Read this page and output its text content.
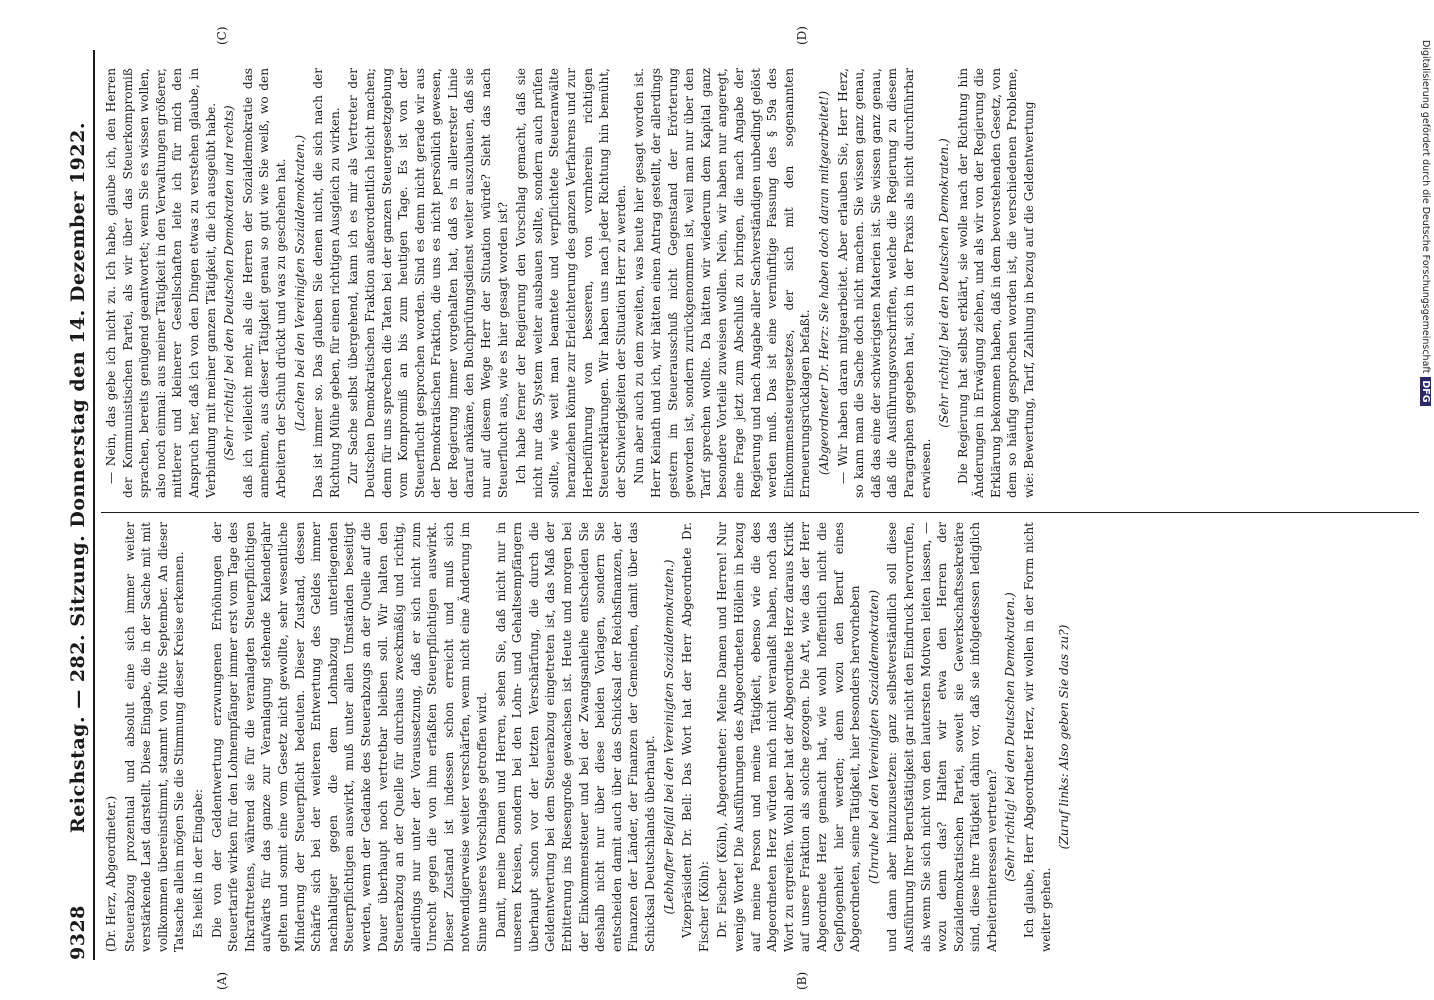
9328
Reichstag. — 282. Sitzung. Donnerstag den 14. Dezember 1922.

(Dr. Herz, Abgeordneter.) Steuerabzug prozentual und absolut eine sich immer weiter verstärkende Last darstellt. Diese Eingabe, die in der Sache mit mit vollkommen übereinstimmt, stammt von Mitte September. An dieser Tatsache allein mögen Sie die Stimmung dieser Kreise erkennen. Es heißt in der Eingabe: Die von der Geldentwertung erzwungenen Erhöhungen der Steuertarife wirken für den Lohnempfänger immer erst vom Tage des Inkrafttretens, während sie für die veranlagten Steuerpflichtigen aufwärts für das ganze zur Veranlagung stehende Kalenderjahr gelten und somit eine vom Gesetz nicht gewollte, sehr wesentliche Minderung der Steuerpflicht bedeuten. Dieser Zustand, dessen Schärfe sich bei der weiteren Entwertung des Geldes immer nachhaltiger gegen die dem Lohnabzug unterliegenden Steuerpflichtigen auswirkt, muß unter allen Umständen beseitigt werden, wenn der Gedanke des Steuerabzugs an der Quelle auf die Dauer überhaupt noch vertretbar bleiben soll. Wir halten den Steuerabzug an der Quelle für durchaus zweckmäßig und richtig, allerdings nur unter der Voraussetzung, daß er sich nicht zum Unrecht gegen die von ihm erfaßten Steuerpflichtigen auswirkt. Dieser Zustand ist indessen schon erreicht und muß sich notwendigerweise weiter verschärfen, wenn nicht eine Änderung im Sinne unseres Vorschlages getroffen wird. Damit, meine Damen und Herren, sehen Sie, daß nicht nur in unseren Kreisen, sondern bei den Lohn- und Gehaltsempfängern überhaupt schon vor der letzten Verschärfung, die durch die Geldentwertung bei dem Steuerabzug eingetreten ist, das Maß der Erbitterung ins Riesengroße gewachsen ist. Heute und morgen bei der Einkommensteuer und bei der Zwangsanleihe entscheiden Sie deshalb nicht nur über diese beiden Vorlagen, sondern Sie entscheiden damit auch über das Schicksal der Reichsfinanzen, der Finanzen der Länder, der Finanzen der Gemeinden, damit über das Schicksal Deutschlands überhaupt. (Lebhafter Beifall bei den Vereinigten Sozialdemokraten.) Vizepräsident Dr. Bell: Das Wort hat der Herr Abgeordnete Dr. Fischer (Köln): Dr. Fischer (Köln), Abgeordneter: Meine Damen und Herren! Nur wenige Worte! Die Ausführungen des Abgeordneten Höllein in bezug auf meine Person und meine Tätigkeit, ebenso wie die des Abgeordneten Herz würden mich nicht veranlaßt haben, noch das Wort zu ergreifen. Wohl aber hat der Abgeordnete Herz daraus Kritik auf unsere Fraktion als solche gezogen. Die Art, wie das der Herr Abgeordnete Herz gemacht hat, wie wohl hoffentlich nicht die Gepflogenheit hier werden; denn wozu den Beruf eines Abgeordneten, seine Tätigkeit, hier besonders hervorheben (Unruhe bei den Vereinigten Sozialdemokraten) und dann aber hinzuzusetzen: ganz selbstverständlich soll diese Ausführung Ihrer Berufstätigkeit gar nicht den Eindruck hervorrufen, als wenn Sie sich nicht von den lautersten Motiven leiten lassen, — wozu denn das? Halten wir etwa den Herren der Sozialdemokratischen Partei, soweit sie Gewerkschaftssekretäre sind, diese ihre Tätigkeit dahin vor, daß sie infolgedessen lediglich Arbeiterinteressen vertreten? (Sehr richtig! bei den Deutschen Demokraten.) Ich glaube, Herr Abgeordneter Herz, wir wollen in der Form nicht weiter gehen.

(Zuruf links: Also geben Sie das zu?)

— Nein, das gebe ich nicht zu. Ich habe, glaube ich, den Herren der Kommunistischen Partei, als wir über das Steuerkompromiß sprachen, bereits genügend geantwortet; wenn Sie es wissen wollen, also noch einmal: aus meiner Tätigkeit in den Verwaltungen größerer, mittlerer und kleinerer Gesellschaften leite ich für mich den Anspruch her, daß ich von den Dingen etwas zu verstehen glaube, in Verbindung mit meiner ganzen Tätigkeit, die ich ausgeübt habe. (Sehr richtig! bei den Deutschen Demokraten und rechts) daß ich vielleicht mehr, als die Herren der Sozialdemokratie das annehmen, aus dieser Tätigkeit genau so gut wie Sie weiß, wo den Arbeitern der Schuh drückt und was zu geschehen hat. (Lachen bei den Vereinigten Sozialdemokraten.) Das ist immer so. Das glauben Sie denen nicht, die sich nach der Richtung Mühe geben, für einen richtigen Ausgleich zu wirken. Zur Sache selbst übergehend, kann ich es mir als Vertreter der Deutschen Demokratischen Fraktion außerordentlich leicht machen; denn für uns sprechen die Taten bei der ganzen Steuergesetzgebung vom Kompromiß an bis zum heutigen Tage. Es ist von der Steuerflucht gesprochen worden. Sind es denn nicht gerade wir aus der Demokratischen Fraktion, die uns es nicht persönlich gewesen, der Regierung immer vorgehalten hat, daß es in allererster Linie darauf ankäme, den Buchprüfungsdienst weiter auszubauen, daß sie nur auf diesem Wege Herr der Situation würde? Sieht das nach Steuerflucht aus, wie es hier gesagt worden ist? Ich habe ferner der Regierung den Vorschlag gemacht, daß sie nicht nur das System weiter ausbauen sollte, sondern auch prüfen sollte, wie weit man beamtete und verpflichtete Steueranwälte heranziehen könnte zur Erleichterung des ganzen Verfahrens und zur Herbeiführung von besseren, von vornherein richtigen Steuererklärungen. Wir haben uns nach jeder Richtung hin bemüht, der Schwierigkeiten der Situation Herr zu werden. Nun aber auch zu dem zweiten, was heute hier gesagt worden ist. Herr Keinath und ich, wir hätten einen Antrag gestellt, der allerdings gestern im Steuerausschuß nicht Gegenstand der Erörterung geworden ist, sondern zurückgenommen ist, weil man nur über den Tarif sprechen wollte. Da hätten wir wiederum dem Kapital ganz besondere Vorteile zuweisen wollen. Nein, wir haben nur angeregt, eine Frage jetzt zum Abschluß zu bringen, die nach Angabe der Regierung und nach Angabe aller Sachverständigen unbedingt gelöst werden muß. Das ist eine vernünftige Fassung des § 59a des Einkommensteuergesetzes, der sich mit den sogenannten Erneuerungsrücklagen befaßt. (Abgeordneter Dr. Herz: Sie haben doch daran mitgearbeitet!) — Wir haben daran mitgearbeitet. Aber erlauben Sie, Herr Herz, so kann man die Sache doch nicht machen. Sie wissen ganz genau, daß das eine der schwierigsten Materien ist. Sie wissen ganz genau, daß die Ausführungsvorschriften, welche die Regierung zu diesem Paragraphen gegeben hat, sich in der Praxis als nicht durchführbar erwiesen.

(Sehr richtig! bei den Deutschen Demokraten.) Die Regierung hat selbst erklärt, sie wolle nach der Richtung hin Änderungen in Erwägung ziehen, und als wir von der Regierung die Erklärung bekommen haben, daß in dem bevorstehenden Gesetz, von dem so häufig gesprochen worden ist, die verschiedenen Probleme, wie: Bewertung, Tarif, Zahlung in bezug auf die Geldentwertung

(A)	(B)
(C)	(D)
Digitalisierung gefördert durch die Deutsche ForschungsgemeinschaftDFG
